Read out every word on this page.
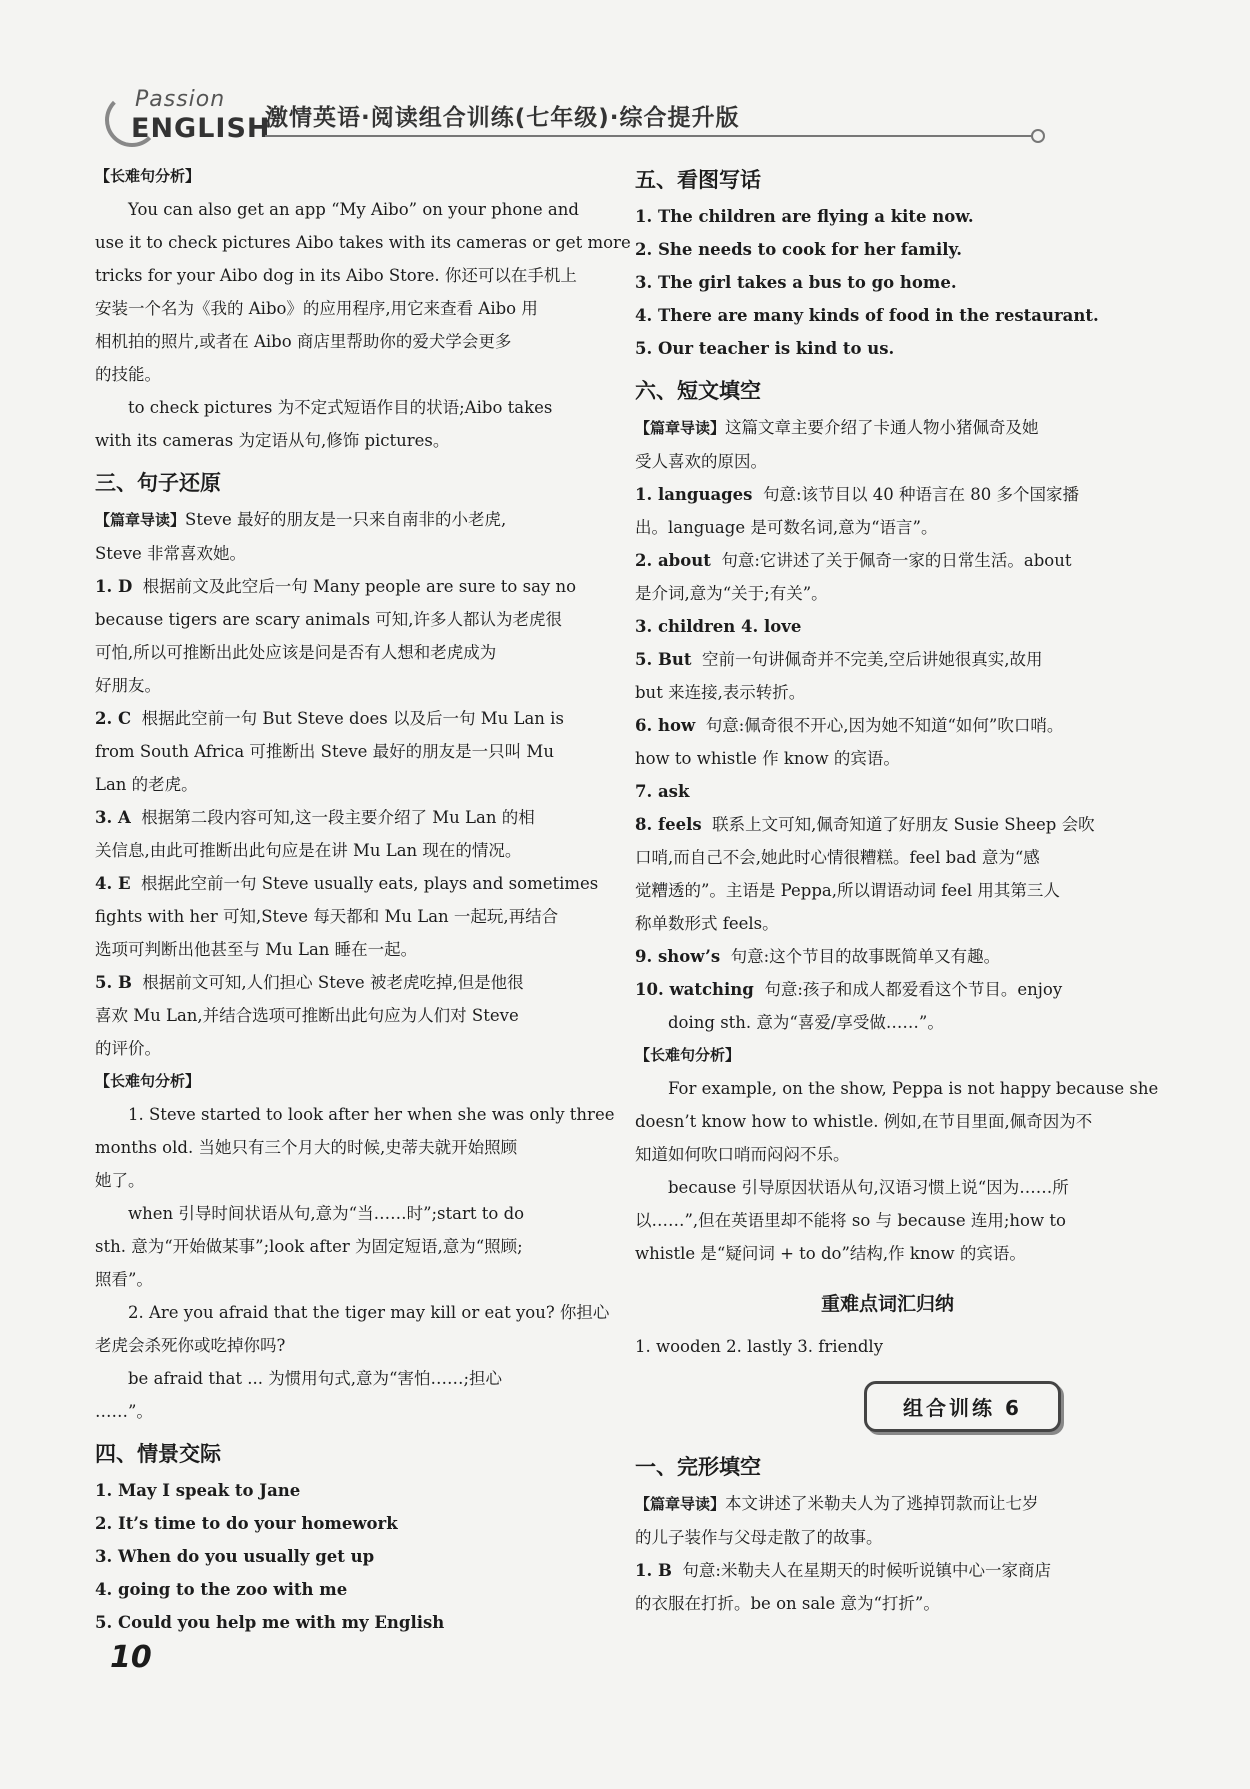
Passion
ENGLISH
激情英语·阅读组合训练(七年级)·综合提升版

【长难句分析】

You can also get an app “My Aibo” on your phone and

use it to check pictures Aibo takes with its cameras or get more

tricks for your Aibo dog in its Aibo Store. 你还可以在手机上

安装一个名为《我的 Aibo》的应用程序,用它来查看 Aibo 用

相机拍的照片,或者在 Aibo 商店里帮助你的爱犬学会更多

的技能。

to check pictures 为不定式短语作目的状语;Aibo takes

with its cameras 为定语从句,修饰 pictures。

三、句子还原

【篇章导读】Steve 最好的朋友是一只来自南非的小老虎,

Steve 非常喜欢她。

1. D 根据前文及此空后一句 Many people are sure to say no

because tigers are scary animals 可知,许多人都认为老虎很

可怕,所以可推断出此处应该是问是否有人想和老虎成为

好朋友。

2. C 根据此空前一句 But Steve does 以及后一句 Mu Lan is

from South Africa 可推断出 Steve 最好的朋友是一只叫 Mu

Lan 的老虎。

3. A 根据第二段内容可知,这一段主要介绍了 Mu Lan 的相

关信息,由此可推断出此句应是在讲 Mu Lan 现在的情况。

4. E 根据此空前一句 Steve usually eats, plays and sometimes

fights with her 可知,Steve 每天都和 Mu Lan 一起玩,再结合

选项可判断出他甚至与 Mu Lan 睡在一起。

5. B 根据前文可知,人们担心 Steve 被老虎吃掉,但是他很

喜欢 Mu Lan,并结合选项可推断出此句应为人们对 Steve

的评价。

【长难句分析】

1. Steve started to look after her when she was only three

months old. 当她只有三个月大的时候,史蒂夫就开始照顾

她了。

when 引导时间状语从句,意为“当……时”;start to do

sth. 意为“开始做某事”;look after 为固定短语,意为“照顾;

照看”。

2. Are you afraid that the tiger may kill or eat you? 你担心

老虎会杀死你或吃掉你吗?

be afraid that ... 为惯用句式,意为“害怕……;担心

……”。

四、情景交际

1. May I speak to Jane

2. It’s time to do your homework

3. When do you usually get up

4. going to the zoo with me

5. Could you help me with my English

五、看图写话

1. The children are flying a kite now.

2. She needs to cook for her family.

3. The girl takes a bus to go home.

4. There are many kinds of food in the restaurant.

5. Our teacher is kind to us.

六、短文填空

【篇章导读】这篇文章主要介绍了卡通人物小猪佩奇及她

受人喜欢的原因。

1. languages 句意:该节目以 40 种语言在 80 多个国家播

出。language 是可数名词,意为“语言”。

2. about 句意:它讲述了关于佩奇一家的日常生活。about

是介词,意为“关于;有关”。

3. children 4. love

5. But 空前一句讲佩奇并不完美,空后讲她很真实,故用

but 来连接,表示转折。

6. how 句意:佩奇很不开心,因为她不知道“如何”吹口哨。

how to whistle 作 know 的宾语。

7. ask

8. feels 联系上文可知,佩奇知道了好朋友 Susie Sheep 会吹

口哨,而自己不会,她此时心情很糟糕。feel bad 意为“感

觉糟透的”。主语是 Peppa,所以谓语动词 feel 用其第三人

称单数形式 feels。

9. show’s 句意:这个节目的故事既简单又有趣。

10. watching 句意:孩子和成人都爱看这个节目。enjoy

doing sth. 意为“喜爱/享受做……”。

【长难句分析】

For example, on the show, Peppa is not happy because she

doesn’t know how to whistle. 例如,在节目里面,佩奇因为不

知道如何吹口哨而闷闷不乐。

because 引导原因状语从句,汉语习惯上说“因为……所

以……”,但在英语里却不能将 so 与 because 连用;how to

whistle 是“疑问词 + to do”结构,作 know 的宾语。

重难点词汇归纳

1. wooden 2. lastly 3. friendly

组合训练 6

一、完形填空

【篇章导读】本文讲述了米勒夫人为了逃掉罚款而让七岁

的儿子装作与父母走散了的故事。

1. B 句意:米勒夫人在星期天的时候听说镇中心一家商店

的衣服在打折。be on sale 意为“打折”。

10
